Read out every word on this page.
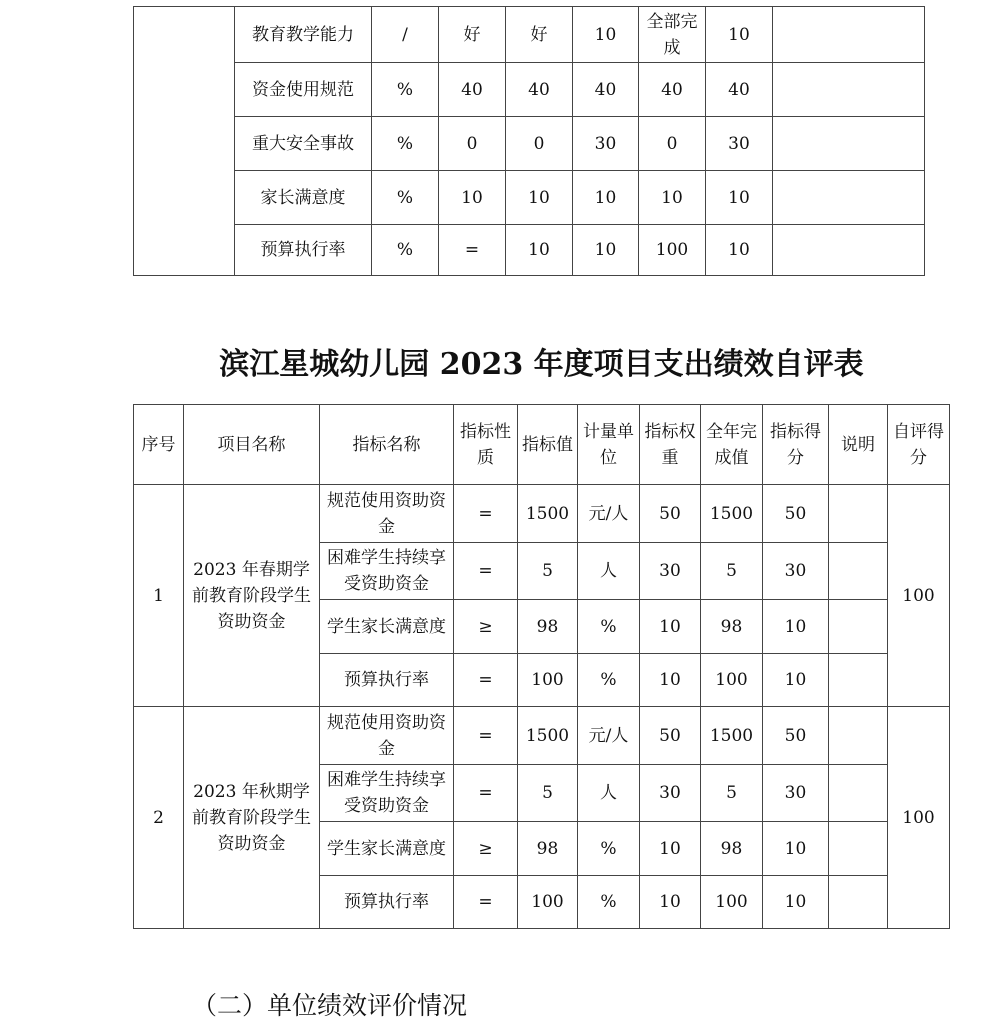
	教育教学能力	/	好	好	10	全部完成	10	
	资金使用规范	%	40	40	40	40	40	
	重大安全事故	%	0	0	30	0	30	
	家长满意度	%	10	10	10	10	10	
	预算执行率	%	=	10	10	100	10	
滨江星城幼儿园 2023 年度项目支出绩效自评表
序号	项目名称	指标名称	指标性质	指标值	计量单位	指标权重	全年完成值	指标得分	说明	自评得分
1	2023 年春期学前教育阶段学生资助资金	规范使用资助资金	=	1500	元/人	50	1500	50		100
		困难学生持续享受资助资金	=	5	人	30	5	30		
		学生家长满意度	≥	98	%	10	98	10		
		预算执行率	=	100	%	10	100	10		
2	2023 年秋期学前教育阶段学生资助资金	规范使用资助资金	=	1500	元/人	50	1500	50		100
		困难学生持续享受资助资金	=	5	人	30	5	30		
		学生家长满意度	≥	98	%	10	98	10		
		预算执行率	=	100	%	10	100	10		
（二）单位绩效评价情况
